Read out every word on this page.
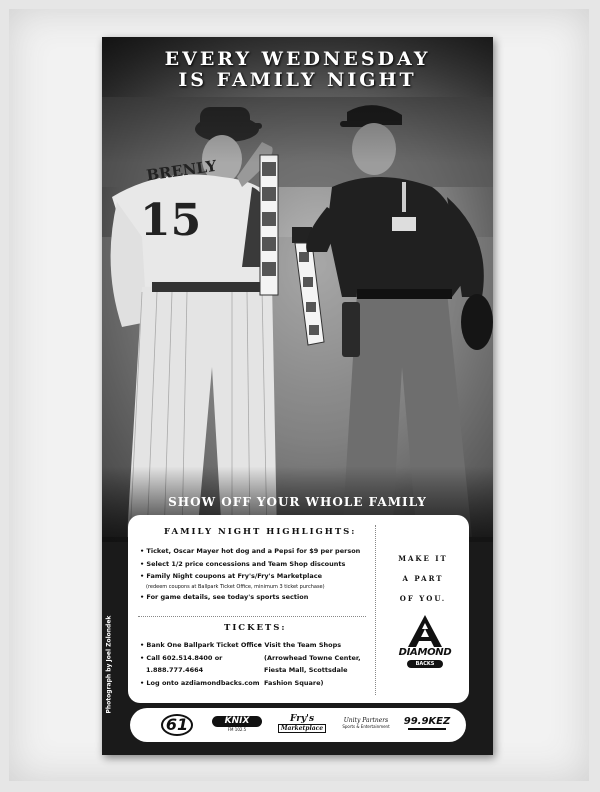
BRENLY
15
EVERY WEDNESDAY
IS FAMILY NIGHT
Photograph by Joel Zolondek
SHOW OFF YOUR WHOLE FAMILY
FAMILY NIGHT HIGHLIGHTS:
• Ticket, Oscar Mayer hot dog and a Pepsi for $9 per person
• Select 1/2 price concessions and Team Shop discounts
• Family Night coupons at Fry's/Fry's Marketplace
(redeem coupons at Ballpark Ticket Office, minimum 3 ticket purchase)
• For game details, see today's sports section
TICKETS:
• Bank One Ballpark Ticket Office
• Call 602.514.8400 or
1.888.777.4664
• Log onto azdiamondbacks.com
• Visit the Team Shops
(Arrowhead Towne Center,
Fiesta Mall, Scottsdale
Fashion Square)
MAKE IT
A PART
OF YOU.
DIAMOND
BACKS
61	KNIX
FM 102.5
Fry's
Marketplace
Unity Partners
Sports & Entertainment	99.9KEZ
